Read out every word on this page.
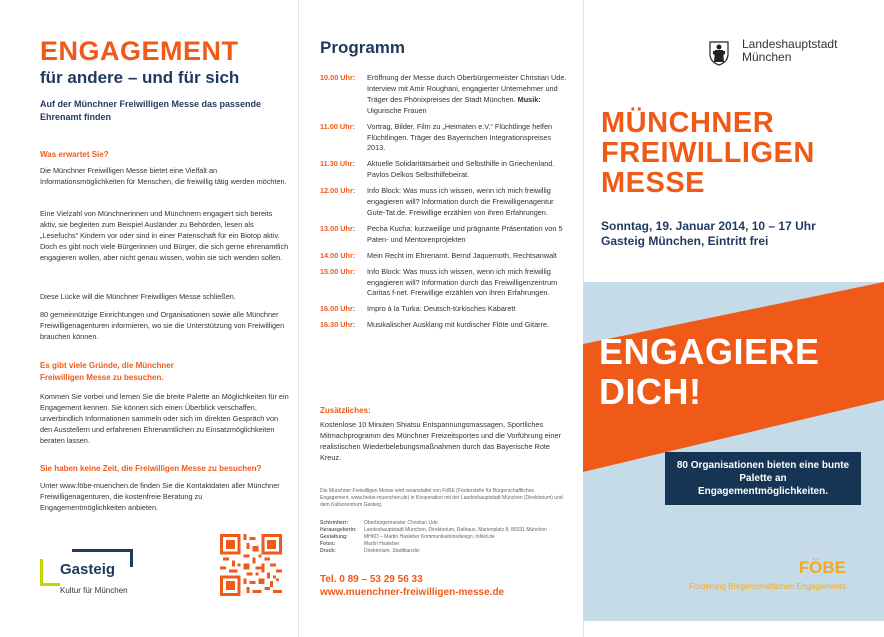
ENGAGEMENT
für andere – und für sich

Auf der Münchner Freiwilligen Messe das passende Ehrenamt finden

Was erwartet Sie?

Die Münchner Freiwilligen Messe bietet eine Vielfalt an Informationsmöglichkeiten für Menschen, die freiwillig tätig werden möchten.

Eine Vielzahl von Münchnerinnen und Münchnern engagiert sich bereits aktiv, sie begleiten zum Beispiel Ausländer zu Behörden, lesen als „Lesefuchs“ Kindern vor oder sind in einer Patenschaft für ein Biotop aktiv. Doch es gibt noch viele Bürgerinnen und Bürger, die sich gerne ehrenamtlich engagieren wollen, aber nicht genau wissen, wohin sie sich wenden sollen.

Diese Lücke will die Münchner Freiwilligen Messe schließen.

80 gemeinnützige Einrichtungen und Organisationen sowie alle Münchner Freiwilligenagenturen informieren, wo sie die Unterstützung von Freiwilligen brauchen können.

Es gibt viele Gründe, die Münchner Freiwilligen Messe zu besuchen.

Kommen Sie vorbei und lernen Sie die breite Palette an Möglichkeiten für ein Engagement kennen. Sie können sich einen Überblick verschaffen, unverbindlich Informationen sammeln oder sich im direkten Gespräch von den Ausstellern und erfahrenen Ehrenamtlichen zu Einsatzmöglichkeiten beraten lassen.

Sie haben keine Zeit, die Freiwilligen Messe zu besuchen?

Unter www.föbe-muenchen.de finden Sie die Kontaktdaten aller Münchner Freiwilligenagenturen, die kostenfreie Beratung zu Engagementmöglichkeiten anbieten.

Gasteig
Kultur für München
Programm
10.00 Uhr:	Eröffnung der Messe durch Oberbürgermeister Christian Ude. Interview mit Amir Roughani, engagierter Unternehmer und Träger des Phönixpreises der Stadt München. Musik: Uigurische Frauen
11.00 Uhr:	Vortrag, Bilder, Film zu „Heimaten e.V.“ Flüchtlinge helfen Flüchtlingen. Träger des Bayerischen Integrationspreises 2013.
11.30 Uhr:	Aktuelle Solidaritätsarbeit und Selbsthilfe in Griechenland. Pavlos Delkos Selbsthilfebeirat.
12.00 Uhr:	Info Block: Was muss ich wissen, wenn ich mich freiwillig engagieren will? Information durch die Freiwilligenagentur Gute-Tat.de. Freiwillige erzählen von ihren Erfahrungen.
13.00 Uhr:	Pecha Kucha: kurzweilige und prägnante Präsentation von 5 Paten- und Mentorenprojekten
14.00 Uhr:	Mein Recht im Ehrenamt. Bernd Jaquemoth, Rechtsanwalt
15.00 Uhr:	Info Block: Was muss ich wissen, wenn ich mich freiwillig engagieren will? Information durch das Freiwilligenzentrum Caritas f-net. Freiwillige erzählen von ihren Erfahrungen.
16.00 Uhr:	Impro à la Turka: Deutsch-türkisches Kabarett
16.30 Uhr:	Musikalischer Ausklang mit kurdischer Flöte und Gitarre.
Zusätzliches:

Kostenlose 10 Minuten Shiatsu Entspannungsmassagen, Sportliches Mitmachprogramm des Münchner Freizeitsportes und die Vorführung einer realistischen Wiederbelebungsmaßnahmen durch das Bayerische Rote Kreuz.

Die Münchner Freiwilligen Messe wird veranstaltet von FöBE (Förderstelle für Bürgerschaftliches Engagement, www.foebe-muenchen.de) in Kooperation mit der Landeshauptstadt München (Direktorium) und dem Kulturzentrum Gasteig.

Schirmherr:	Oberbürgermeister Christian Ude
Herausgeberin:	Landeshauptstadt München, Direktorium, Rathaus, Marienplatz 8, 80331 München
Gestaltung:	MHKD – Martin Hasleber Kommunikationsdesign, mhkd.de
Fotos:	Martin Hasleber
Druck:	Direktorium, Stadtkanzlei

Tel. 0 89 – 53 29 56 33

www.muenchner-freiwilligen-messe.de

Landeshauptstadt
München
MÜNCHNER
FREIWILLIGEN
MESSE
Sonntag, 19. Januar 2014, 10 – 17 Uhr
Gasteig München, Eintritt frei
ENGAGIERE
DICH!
80 Organisationen bieten eine bunte Palette an Engagementmöglichkeiten.
FÖBE
Förderung Bürgerschaftlichen Engagements
